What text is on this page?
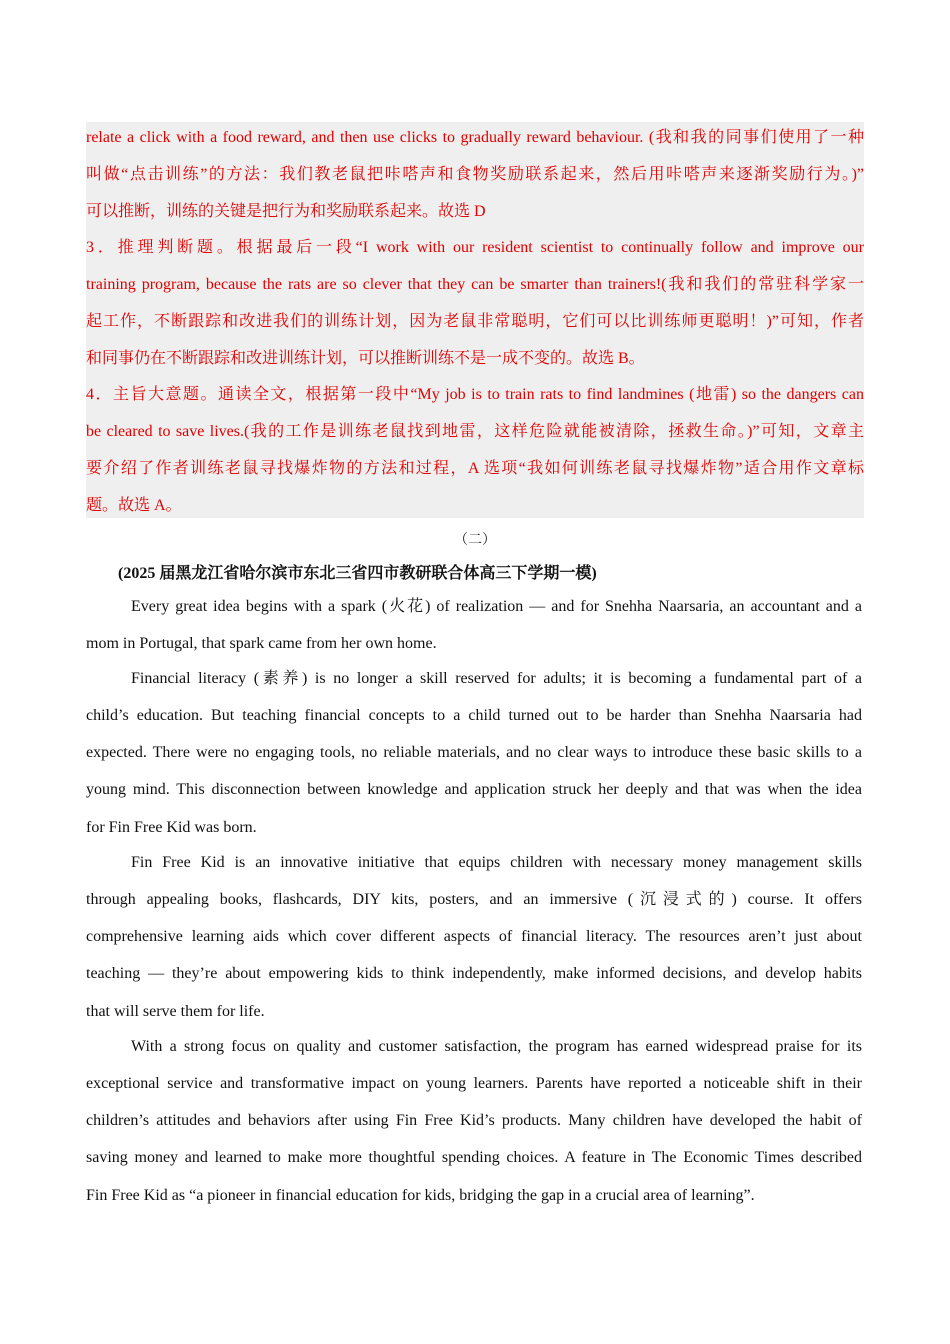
relate a click with a food reward, and then use clicks to gradually reward behaviour. (我和我的同事们使用了一种
叫做“点击训练”的方法：我们教老鼠把咔嗒声和食物奖励联系起来，然后用咔嗒声来逐渐奖励行为。)”
可以推断，训练的关键是把行为和奖励联系起来。故选 D
3．推理判断题。根据最后一段“I work with our resident scientist to continually follow and improve our
training program, because the rats are so clever that they can be smarter than trainers!(我和我们的常驻科学家一
起工作，不断跟踪和改进我们的训练计划，因为老鼠非常聪明，它们可以比训练师更聪明！)”可知，作者
和同事仍在不断跟踪和改进训练计划，可以推断训练不是一成不变的。故选 B。
4．主旨大意题。通读全文，根据第一段中“My job is to train rats to find landmines (地雷) so the dangers can
be cleared to save lives.(我的工作是训练老鼠找到地雷，这样危险就能被清除，拯救生命。)”可知，文章主
要介绍了作者训练老鼠寻找爆炸物的方法和过程，A 选项“我如何训练老鼠寻找爆炸物”适合用作文章标
题。故选 A。
（二）
(2025 届黑龙江省哈尔滨市东北三省四市教研联合体高三下学期一模)
Every great idea begins with a spark (火花) of realization — and for Snehha Naarsaria, an accountant and a
mom in Portugal, that spark came from her own home.
Financial literacy (素养) is no longer a skill reserved for adults; it is becoming a fundamental part of a
child’s education. But teaching financial concepts to a child turned out to be harder than Snehha Naarsaria had
expected. There were no engaging tools, no reliable materials, and no clear ways to introduce these basic skills to a
young mind. This disconnection between knowledge and application struck her deeply and that was when the idea
for Fin Free Kid was born.
Fin Free Kid is an innovative initiative that equips children with necessary money management skills
through appealing books, flashcards, DIY kits, posters, and an immersive (沉浸式的) course. It offers
comprehensive learning aids which cover different aspects of financial literacy. The resources aren’t just about
teaching — they’re about empowering kids to think independently, make informed decisions, and develop habits
that will serve them for life.
With a strong focus on quality and customer satisfaction, the program has earned widespread praise for its
exceptional service and transformative impact on young learners. Parents have reported a noticeable shift in their
children’s attitudes and behaviors after using Fin Free Kid’s products. Many children have developed the habit of
saving money and learned to make more thoughtful spending choices. A feature in The Economic Times described
Fin Free Kid as “a pioneer in financial education for kids, bridging the gap in a crucial area of learning”.
